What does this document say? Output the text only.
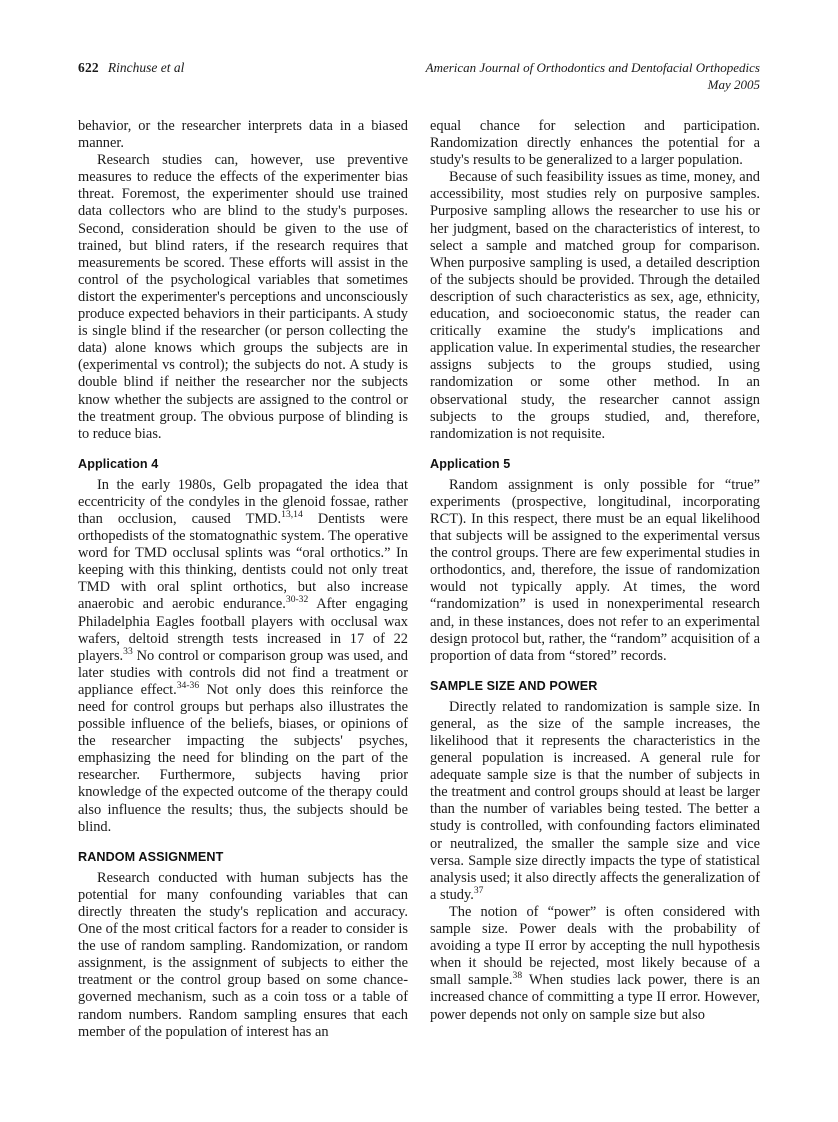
622 Rinchuse et al	American Journal of Orthodontics and Dentofacial Orthopedics
May 2005

behavior, or the researcher interprets data in a biased manner.

Research studies can, however, use preventive measures to reduce the effects of the experimenter bias threat. Foremost, the experimenter should use trained data collectors who are blind to the study's purposes. Second, consideration should be given to the use of trained, but blind raters, if the research requires that measurements be scored. These efforts will assist in the control of the psychological variables that sometimes distort the experimenter's perceptions and unconsciously produce expected behaviors in their participants. A study is single blind if the researcher (or person collecting the data) alone knows which groups the subjects are in (experimental vs control); the subjects do not. A study is double blind if neither the researcher nor the subjects know whether the subjects are assigned to the control or the treatment group. The obvious purpose of blinding is to reduce bias.

Application 4

In the early 1980s, Gelb propagated the idea that eccentricity of the condyles in the glenoid fossae, rather than occlusion, caused TMD.$^{13,14}$ Dentists were orthopedists of the stomatognathic system. The operative word for TMD occlusal splints was “oral orthotics.” In keeping with this thinking, dentists could not only treat TMD with oral splint orthotics, but also increase anaerobic and aerobic endurance.$^{30-32}$ After engaging Philadelphia Eagles football players with occlusal wax wafers, deltoid strength tests increased in 17 of 22 players.$^{33}$ No control or comparison group was used, and later studies with controls did not find a treatment or appliance effect.$^{34-36}$ Not only does this reinforce the need for control groups but perhaps also illustrates the possible influence of the beliefs, biases, or opinions of the researcher impacting the subjects' psyches, emphasizing the need for blinding on the part of the researcher. Furthermore, subjects having prior knowledge of the expected outcome of the therapy could also influence the results; thus, the subjects should be blind.

RANDOM ASSIGNMENT

Research conducted with human subjects has the potential for many confounding variables that can directly threaten the study's replication and accuracy. One of the most critical factors for a reader to consider is the use of random sampling. Randomization, or random assignment, is the assignment of subjects to either the treatment or the control group based on some chance-governed mechanism, such as a coin toss or a table of random numbers. Random sampling ensures that each member of the population of interest has an

equal chance for selection and participation. Randomization directly enhances the potential for a study's results to be generalized to a larger population.

Because of such feasibility issues as time, money, and accessibility, most studies rely on purposive samples. Purposive sampling allows the researcher to use his or her judgment, based on the characteristics of interest, to select a sample and matched group for comparison. When purposive sampling is used, a detailed description of the subjects should be provided. Through the detailed description of such characteristics as sex, age, ethnicity, education, and socioeconomic status, the reader can critically examine the study's implications and application value. In experimental studies, the researcher assigns subjects to the groups studied, using randomization or some other method. In an observational study, the researcher cannot assign subjects to the groups studied, and, therefore, randomization is not requisite.

Application 5

Random assignment is only possible for “true” experiments (prospective, longitudinal, incorporating RCT). In this respect, there must be an equal likelihood that subjects will be assigned to the experimental versus the control groups. There are few experimental studies in orthodontics, and, therefore, the issue of randomization would not typically apply. At times, the word “randomization” is used in nonexperimental research and, in these instances, does not refer to an experimental design protocol but, rather, the “random” acquisition of a proportion of data from “stored” records.

SAMPLE SIZE AND POWER

Directly related to randomization is sample size. In general, as the size of the sample increases, the likelihood that it represents the characteristics in the general population is increased. A general rule for adequate sample size is that the number of subjects in the treatment and control groups should at least be larger than the number of variables being tested. The better a study is controlled, with confounding factors eliminated or neutralized, the smaller the sample size and vice versa. Sample size directly impacts the type of statistical analysis used; it also directly affects the generalization of a study.$^{37}$

The notion of “power” is often considered with sample size. Power deals with the probability of avoiding a type II error by accepting the null hypothesis when it should be rejected, most likely because of a small sample.$^{38}$ When studies lack power, there is an increased chance of committing a type II error. However, power depends not only on sample size but also
